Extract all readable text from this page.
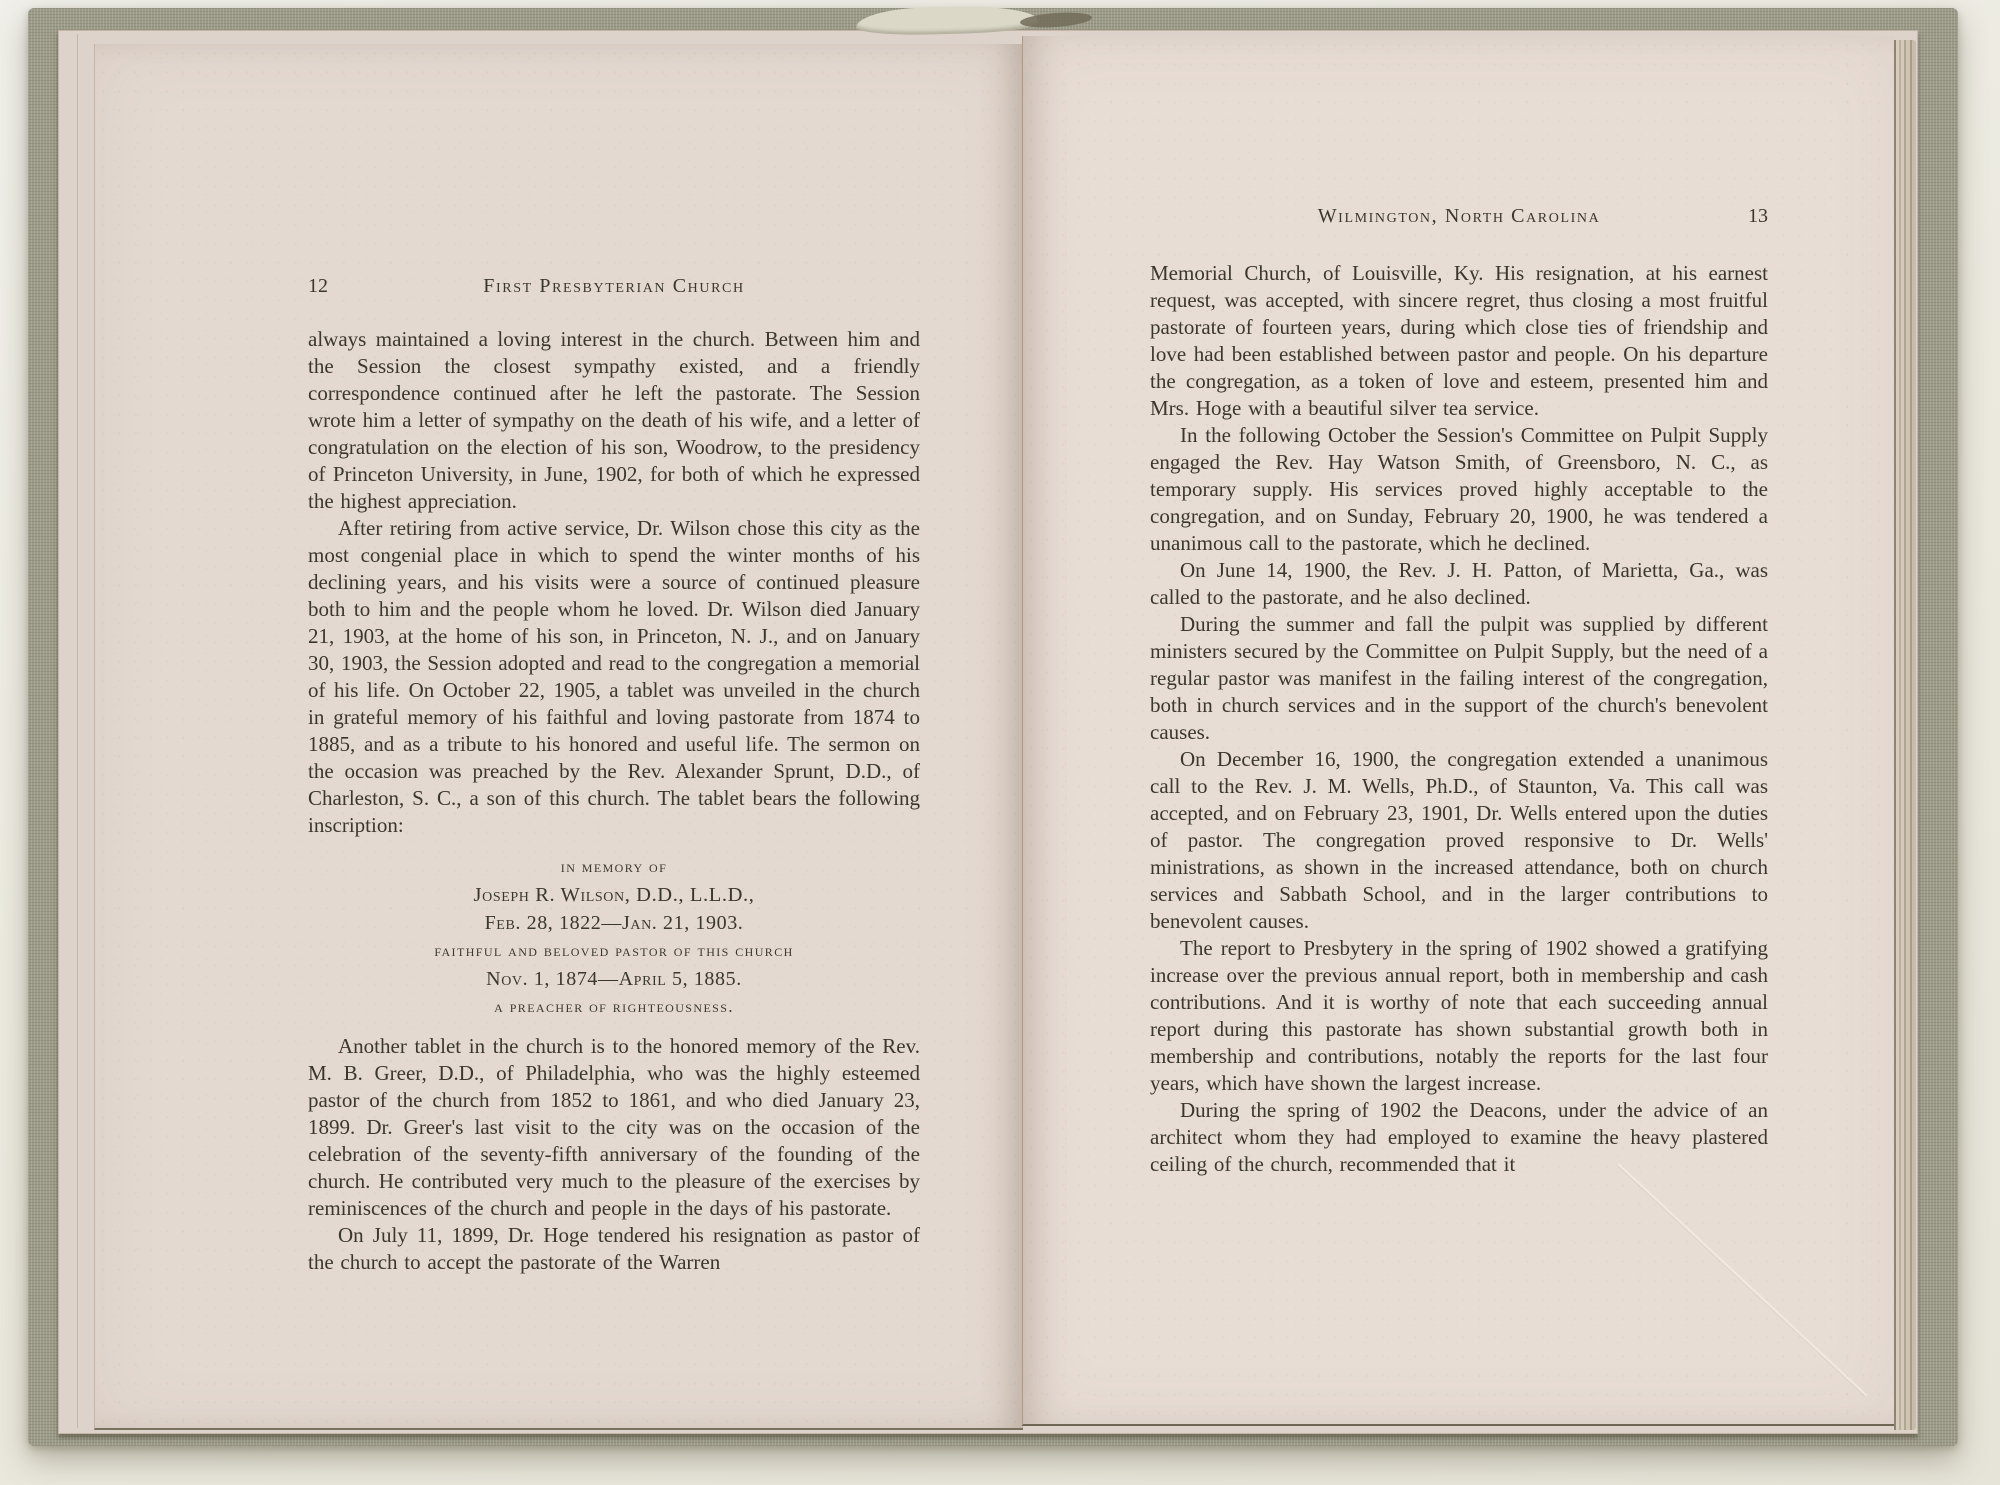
12	First Presbyterian Church

always maintained a loving interest in the church. Between him and the Session the closest sympathy existed, and a friendly correspondence continued after he left the pastorate. The Session wrote him a letter of sympathy on the death of his wife, and a letter of congratulation on the election of his son, Woodrow, to the presidency of Princeton University, in June, 1902, for both of which he expressed the highest appreciation.

After retiring from active service, Dr. Wilson chose this city as the most congenial place in which to spend the winter months of his declining years, and his visits were a source of continued pleasure both to him and the people whom he loved. Dr. Wilson died January 21, 1903, at the home of his son, in Princeton, N. J., and on January 30, 1903, the Session adopted and read to the congregation a memorial of his life. On October 22, 1905, a tablet was unveiled in the church in grateful memory of his faithful and loving pastorate from 1874 to 1885, and as a tribute to his honored and useful life. The sermon on the occasion was preached by the Rev. Alexander Sprunt, D.D., of Charleston, S. C., a son of this church. The tablet bears the following inscription:

in memory of

Joseph R. Wilson, D.D., L.L.D.,

Feb. 28, 1822—Jan. 21, 1903.

faithful and beloved pastor of this church

Nov. 1, 1874—April 5, 1885.

a preacher of righteousness.

Another tablet in the church is to the honored memory of the Rev. M. B. Greer, D.D., of Philadelphia, who was the highly esteemed pastor of the church from 1852 to 1861, and who died January 23, 1899. Dr. Greer's last visit to the city was on the occasion of the celebration of the seventy-fifth anniversary of the founding of the church. He contributed very much to the pleasure of the exercises by reminiscences of the church and people in the days of his pastorate.

On July 11, 1899, Dr. Hoge tendered his resignation as pastor of the church to accept the pastorate of the Warren

Wilmington, North Carolina	13

Memorial Church, of Louisville, Ky. His resignation, at his earnest request, was accepted, with sincere regret, thus closing a most fruitful pastorate of fourteen years, during which close ties of friendship and love had been established between pastor and people. On his departure the congregation, as a token of love and esteem, presented him and Mrs. Hoge with a beautiful silver tea service.

In the following October the Session's Committee on Pulpit Supply engaged the Rev. Hay Watson Smith, of Greensboro, N. C., as temporary supply. His services proved highly acceptable to the congregation, and on Sunday, February 20, 1900, he was tendered a unanimous call to the pastorate, which he declined.

On June 14, 1900, the Rev. J. H. Patton, of Marietta, Ga., was called to the pastorate, and he also declined.

During the summer and fall the pulpit was supplied by different ministers secured by the Committee on Pulpit Supply, but the need of a regular pastor was manifest in the failing interest of the congregation, both in church services and in the support of the church's benevolent causes.

On December 16, 1900, the congregation extended a unanimous call to the Rev. J. M. Wells, Ph.D., of Staunton, Va. This call was accepted, and on February 23, 1901, Dr. Wells entered upon the duties of pastor. The congregation proved responsive to Dr. Wells' ministrations, as shown in the increased attendance, both on church services and Sabbath School, and in the larger contributions to benevolent causes.

The report to Presbytery in the spring of 1902 showed a gratifying increase over the previous annual report, both in membership and cash contributions. And it is worthy of note that each succeeding annual report during this pastorate has shown substantial growth both in membership and contributions, notably the reports for the last four years, which have shown the largest increase.

During the spring of 1902 the Deacons, under the advice of an architect whom they had employed to examine the heavy plastered ceiling of the church, recommended that it
